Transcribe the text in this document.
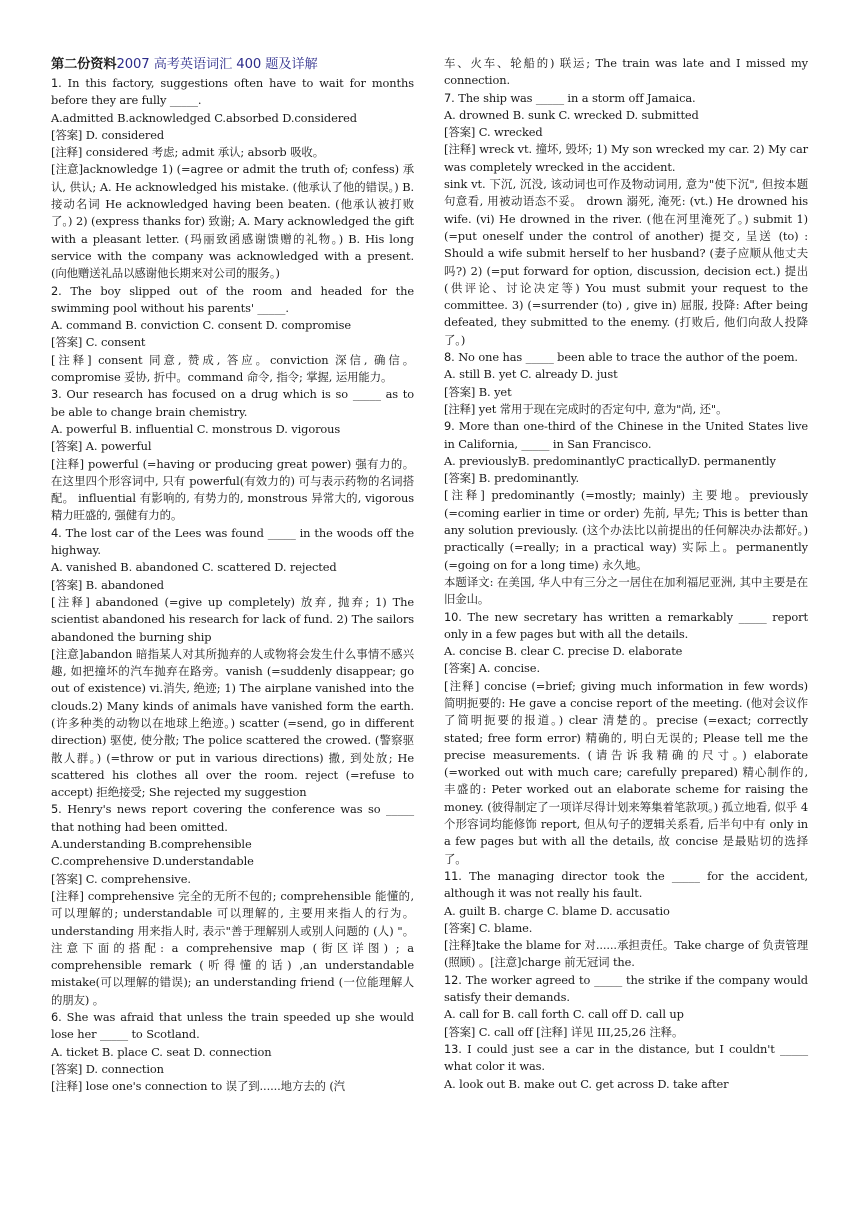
第二份资料2007 高考英语词汇 400 题及详解

1. In this factory, suggestions often have to wait for months before they are fully _____.

A.admitted B.acknowledged C.absorbed D.considered

[答案] D. considered

[注释] considered 考虑; admit 承认; absorb 吸收。

[注意]acknowledge 1) (=agree or admit the truth of; confess) 承认, 供认; A. He acknowledged his mistake. (他承认了他的错误。) B. 接动名词 He acknowledged having been beaten. (他承认被打败了。) 2) (express thanks for) 致谢; A. Mary acknowledged the gift with a pleasant letter. (玛丽致函感谢馈赠的礼物。) B. His long service with the company was acknowledged with a present. (向他赠送礼品以感谢他长期来对公司的服务。)

2. The boy slipped out of the room and headed for the swimming pool without his parents' _____.

A. command B. conviction C. consent D. compromise

[答案] C. consent

[注释] consent 同意, 赞成, 答应。conviction 深信, 确信。compromise 妥协, 折中。command 命令, 指令; 掌握, 运用能力。

3. Our research has focused on a drug which is so _____ as to be able to change brain chemistry.

A. powerful B. influential C. monstrous D. vigorous

[答案] A. powerful

[注释] powerful (=having or producing great power) 强有力的。在这里四个形容词中, 只有 powerful(有效力的) 可与表示药物的名词搭配。 influential 有影响的, 有势力的, monstrous 异常大的, vigorous 精力旺盛的, 强健有力的。

4. The lost car of the Lees was found _____ in the woods off the highway.

A. vanished B. abandoned C. scattered D. rejected

[答案] B. abandoned

[注释] abandoned (=give up completely) 放弃, 抛弃; 1) The scientist abandoned his research for lack of fund. 2) The sailors abandoned the burning ship

[注意]abandon 暗指某人对其所抛弃的人或物将会发生什么事情不感兴趣, 如把撞坏的汽车抛弃在路旁。vanish (=suddenly disappear; go out of existence) vi.消失, 绝迹; 1) The airplane vanished into the clouds.2) Many kinds of animals have vanished form the earth. (许多种类的动物以在地球上绝迹。) scatter (=send, go in different direction) 驱使, 使分散; The police scattered the crowed. (警察驱散人群。) (=throw or put in various directions) 撒, 到处放; He scattered his clothes all over the room. reject (=refuse to accept) 拒绝接受; She rejected my suggestion

5. Henry's news report covering the conference was so _____ that nothing had been omitted.

A.understanding B.comprehensible

C.comprehensive D.understandable

[答案] C. comprehensive.

[注释] comprehensive 完全的无所不包的; comprehensible 能懂的, 可以理解的; understandable 可以理解的, 主要用来指人的行为。understanding 用来指人时, 表示"善于理解别人或别人问题的 (人) "。注意下面的搭配: a comprehensive map (街区详图) ; a comprehensible remark (听得懂的话) ,an understandable mistake(可以理解的错误); an understanding friend (一位能理解人的朋友) 。

6. She was afraid that unless the train speeded up she would lose her _____ to Scotland.

A. ticket B. place C. seat D. connection

[答案] D. connection

[注释] lose one's connection to 误了到......地方去的 (汽

车、火车、轮船的) 联运; The train was late and I missed my connection.

7. The ship was _____ in a storm off Jamaica.

A. drowned B. sunk C. wrecked D. submitted

[答案] C. wrecked

[注释] wreck vt. 撞坏, 毁坏; 1) My son wrecked my car. 2) My car was completely wrecked in the accident.

sink vt. 下沉, 沉没, 该动词也可作及物动词用, 意为"使下沉", 但按本题句意看, 用被动语态不妥。 drown 溺死, 淹死: (vt.) He drowned his wife. (vi) He drowned in the river. (他在河里淹死了。) submit 1) (=put oneself under the control of another) 提交, 呈送 (to) : Should a wife submit herself to her husband? (妻子应顺从他丈夫吗?) 2) (=put forward for option, discussion, decision ect.) 提出 (供评论、讨论决定等) You must submit your request to the committee. 3) (=surrender (to) , give in) 屈服, 投降: After being defeated, they submitted to the enemy. (打败后, 他们向敌人投降了。)

8. No one has _____ been able to trace the author of the poem.

A. still B. yet C. already D. just

[答案] B. yet

[注释] yet 常用于现在完成时的否定句中, 意为"尚, 还"。

9. More than one-third of the Chinese in the United States live in California, _____ in San Francisco.

A. previouslyB. predominantlyC practicallyD. permanently

[答案] B. predominantly.

[注释] predominantly (=mostly; mainly) 主要地。previously (=coming earlier in time or order) 先前, 早先; This is better than any solution previously. (这个办法比以前提出的任何解决办法都好。) practically (=really; in a practical way) 实际上。permanently (=going on for a long time) 永久地。

本题译文: 在美国, 华人中有三分之一居住在加利福尼亚洲, 其中主要是在旧金山。

10. The new secretary has written a remarkably _____ report only in a few pages but with all the details.

A. concise B. clear C. precise D. elaborate

[答案] A. concise.

[注释] concise (=brief; giving much information in few words) 简明扼要的: He gave a concise report of the meeting. (他对会议作了简明扼要的报道。) clear 清楚的。precise (=exact; correctly stated; free form error) 精确的, 明白无误的; Please tell me the precise measurements. (请告诉我精确的尺寸。) elaborate (=worked out with much care; carefully prepared) 精心制作的, 丰盛的: Peter worked out an elaborate scheme for raising the money. (彼得制定了一项详尽得计划来筹集着笔款项。) 孤立地看, 似乎 4 个形容词均能修饰 report, 但从句子的逻辑关系看, 后半句中有 only in a few pages but with all the details, 故 concise 是最贴切的选择了。

11. The managing director took the _____ for the accident, although it was not really his fault.

A. guilt B. charge C. blame D. accusatio

[答案] C. blame.

[注释]take the blame for 对......承担责任。Take charge of 负责管理 (照顾) 。[注意]charge 前无冠词 the.

12. The worker agreed to _____ the strike if the company would satisfy their demands.

A. call for B. call forth C. call off D. call up

[答案] C. call off [注释] 详见 III,25,26 注释。

13. I could just see a car in the distance, but I couldn't _____ what color it was.

A. look out B. make out C. get across D. take after
